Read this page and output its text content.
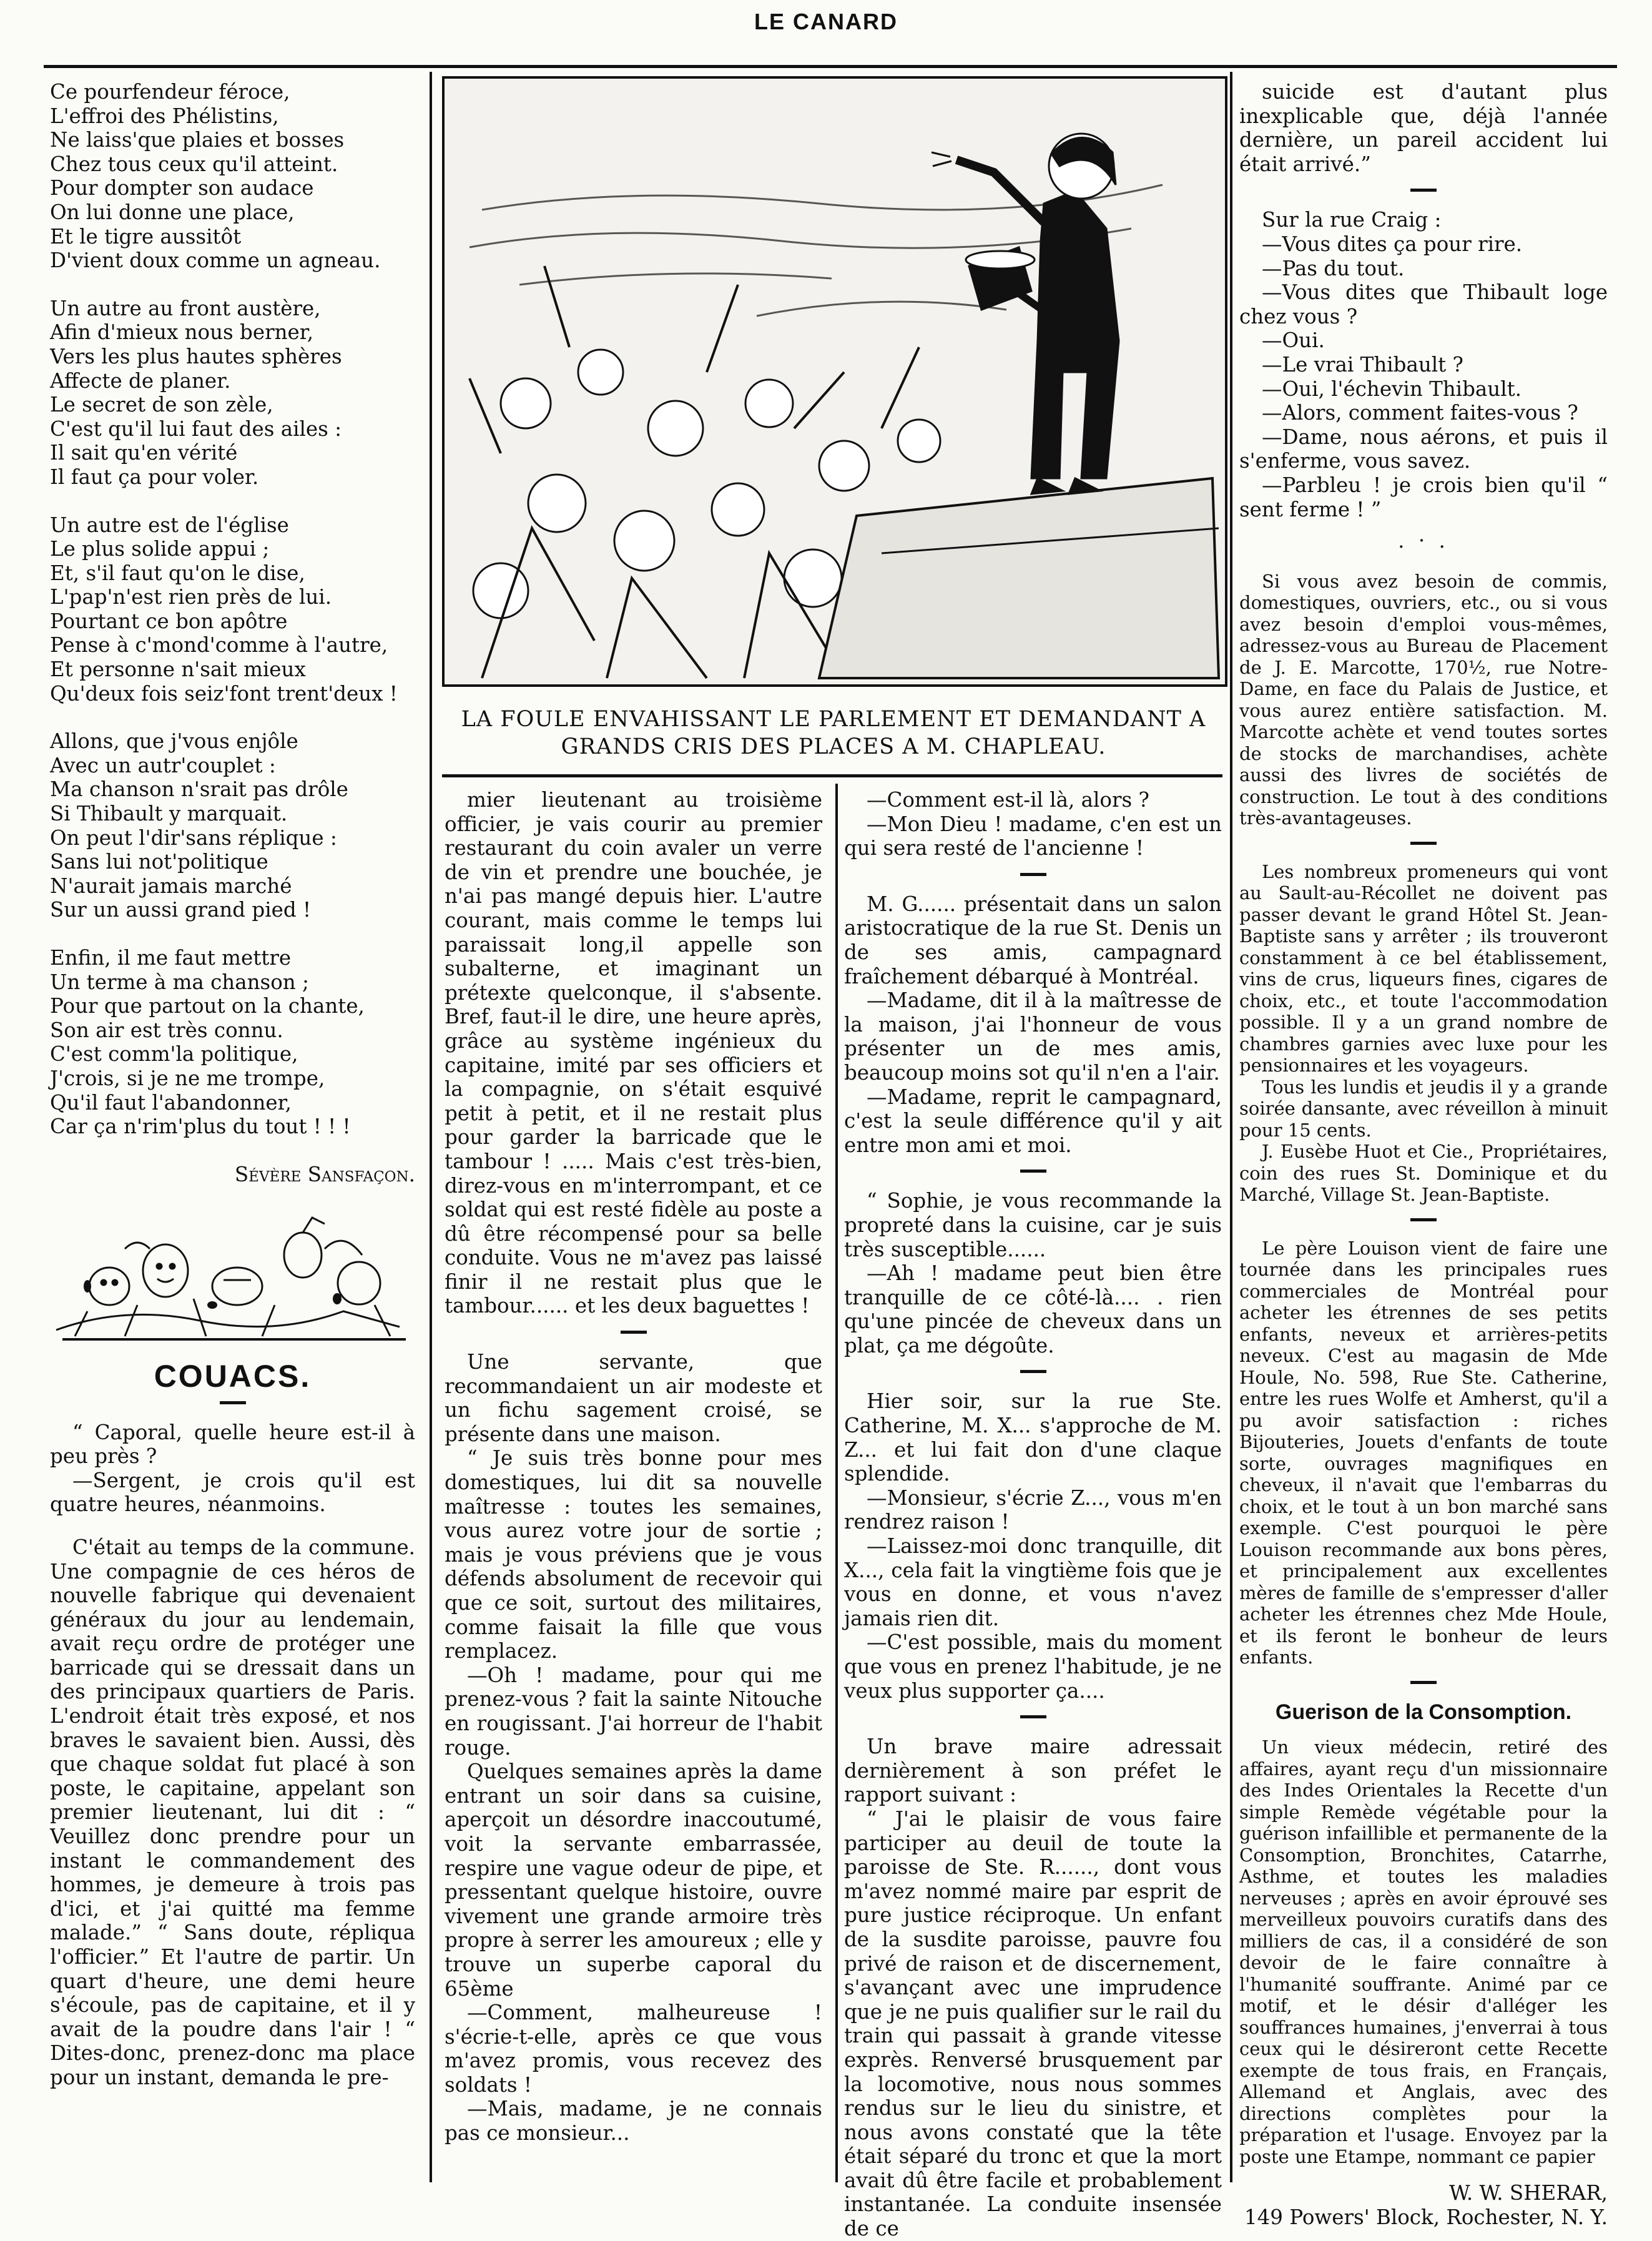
LE CANARD
Ce pourfendeur féroce,
L'effroi des Phélistins,
Ne laiss'que plaies et bosses
Chez tous ceux qu'il atteint.
Pour dompter son audace
On lui donne une place,
Et le tigre aussitôt
D'vient doux comme un agneau.
Un autre au front austère,
Afin d'mieux nous berner,
Vers les plus hautes sphères
Affecte de planer.
Le secret de son zèle,
C'est qu'il lui faut des ailes :
Il sait qu'en vérité
Il faut ça pour voler.
Un autre est de l'église
Le plus solide appui ;
Et, s'il faut qu'on le dise,
L'pap'n'est rien près de lui.
Pourtant ce bon apôtre
Pense à c'mond'comme à l'autre,
Et personne n'sait mieux
Qu'deux fois seiz'font trent'deux !
Allons, que j'vous enjôle
Avec un autr'couplet :
Ma chanson n'srait pas drôle
Si Thibault y marquait.
On peut l'dir'sans réplique :
Sans lui not'politique
N'aurait jamais marché
Sur un aussi grand pied !
Enfin, il me faut mettre
Un terme à ma chanson ;
Pour que partout on la chante,
Son air est très connu.
C'est comm'la politique,
J'crois, si je ne me trompe,
Qu'il faut l'abandonner,
Car ça n'rim'plus du tout ! ! !
Sévère Sansfaçon.
COUACS.

“ Caporal, quelle heure est-il à peu près ?

—Sergent, je crois qu'il est quatre heures, néanmoins.

C'était au temps de la commune. Une compagnie de ces héros de nouvelle fabrique qui devenaient généraux du jour au lendemain, avait reçu ordre de protéger une barricade qui se dressait dans un des principaux quartiers de Paris. L'endroit était très exposé, et nos braves le savaient bien. Aussi, dès que chaque soldat fut placé à son poste, le capitaine, appelant son premier lieutenant, lui dit : “ Veuillez donc prendre pour un instant le commandement des hommes, je demeure à trois pas d'ici, et j'ai quitté ma femme malade.” “ Sans doute, répliqua l'officier.” Et l'autre de partir. Un quart d'heure, une demi heure s'écoule, pas de capitaine, et il y avait de la poudre dans l'air ! “ Dites-donc, prenez-donc ma place pour un instant, demanda le pre-

LA FOULE ENVAHISSANT LE PARLEMENT ET DEMANDANT A GRANDS CRIS DES PLACES A M. CHAPLEAU.

mier lieutenant au troisième officier, je vais courir au premier restaurant du coin avaler un verre de vin et prendre une bouchée, je n'ai pas mangé depuis hier. L'autre courant, mais comme le temps lui paraissait long,il appelle son subalterne, et imaginant un prétexte quelconque, il s'absente. Bref, faut-il le dire, une heure après, grâce au système ingénieux du capitaine, imité par ses officiers et la compagnie, on s'était esquivé petit à petit, et il ne restait plus pour garder la barricade que le tambour ! ..... Mais c'est très-bien, direz-vous en m'interrompant, et ce soldat qui est resté fidèle au poste a dû être récompensé pour sa belle conduite. Vous ne m'avez pas laissé finir il ne restait plus que le tambour...... et les deux baguettes !

Une servante, que recommandaient un air modeste et un fichu sagement croisé, se présente dans une maison.

“ Je suis très bonne pour mes domestiques, lui dit sa nouvelle maîtresse : toutes les semaines, vous aurez votre jour de sortie ; mais je vous préviens que je vous défends absolument de recevoir qui que ce soit, surtout des militaires, comme faisait la fille que vous remplacez.

—Oh ! madame, pour qui me prenez-vous ? fait la sainte Nitouche en rougissant. J'ai horreur de l'habit rouge.

Quelques semaines après la dame entrant un soir dans sa cuisine, aperçoit un désordre inaccoutumé, voit la servante embarrassée, respire une vague odeur de pipe, et pressentant quelque histoire, ouvre vivement une grande armoire très propre à serrer les amoureux ; elle y trouve un superbe caporal du 65ème

—Comment, malheureuse ! s'écrie-t-elle, après ce que vous m'avez promis, vous recevez des soldats !

—Mais, madame, je ne connais pas ce monsieur...

—Comment est-il là, alors ?

—Mon Dieu ! madame, c'en est un qui sera resté de l'ancienne !

M. G...... présentait dans un salon aristocratique de la rue St. Denis un de ses amis, campagnard fraîchement débarqué à Montréal.

—Madame, dit il à la maîtresse de la maison, j'ai l'honneur de vous présenter un de mes amis, beaucoup moins sot qu'il n'en a l'air.

—Madame, reprit le campagnard, c'est la seule différence qu'il y ait entre mon ami et moi.

“ Sophie, je vous recommande la propreté dans la cuisine, car je suis très susceptible......

—Ah ! madame peut bien être tranquille de ce côté-là.... . rien qu'une pincée de cheveux dans un plat, ça me dégoûte.

Hier soir, sur la rue Ste. Catherine, M. X... s'approche de M. Z... et lui fait don d'une claque splendide.

—Monsieur, s'écrie Z..., vous m'en rendrez raison !

—Laissez-moi donc tranquille, dit X..., cela fait la vingtième fois que je vous en donne, et vous n'avez jamais rien dit.

—C'est possible, mais du moment que vous en prenez l'habitude, je ne veux plus supporter ça....

Un brave maire adressait dernièrement à son préfet le rapport suivant :

“ J'ai le plaisir de vous faire participer au deuil de toute la paroisse de Ste. R......, dont vous m'avez nommé maire par esprit de pure justice réciproque. Un enfant de la susdite paroisse, pauvre fou privé de raison et de discernement, s'avançant avec une imprudence que je ne puis qualifier sur le rail du train qui passait à grande vitesse exprès. Renversé brusquement par la locomotive, nous nous sommes rendus sur le lieu du sinistre, et nous avons constaté que la tête était séparé du tronc et que la mort avait dû être facile et probablement instantanée. La conduite insensée de ce

suicide est d'autant plus inexplicable que, déjà l'année dernière, un pareil accident lui était arrivé.”

Sur la rue Craig :

—Vous dites ça pour rire.

—Pas du tout.

—Vous dites que Thibault loge chez vous ?

—Oui.

—Le vrai Thibault ?

—Oui, l'échevin Thibault.

—Alors, comment faites-vous ?

—Dame, nous aérons, et puis il s'enferme, vous savez.

—Parbleu ! je crois bien qu'il “ sent ferme ! ”

. · .

Si vous avez besoin de commis, domestiques, ouvriers, etc., ou si vous avez besoin d'emploi vous-mêmes, adressez-vous au Bureau de Placement de J. E. Marcotte, 170½, rue Notre-Dame, en face du Palais de Justice, et vous aurez entière satisfaction. M. Marcotte achète et vend toutes sortes de stocks de marchandises, achète aussi des livres de sociétés de construction. Le tout à des conditions très-avantageuses.

Les nombreux promeneurs qui vont au Sault-au-Récollet ne doivent pas passer devant le grand Hôtel St. Jean-Baptiste sans y arrêter ; ils trouveront constamment à ce bel établissement, vins de crus, liqueurs fines, cigares de choix, etc., et toute l'accommodation possible. Il y a un grand nombre de chambres garnies avec luxe pour les pensionnaires et les voyageurs.

Tous les lundis et jeudis il y a grande soirée dansante, avec réveillon à minuit pour 15 cents.

J. Eusèbe Huot et Cie., Propriétaires, coin des rues St. Dominique et du Marché, Village St. Jean-Baptiste.

Le père Louison vient de faire une tournée dans les principales rues commerciales de Montréal pour acheter les étrennes de ses petits enfants, neveux et arrières-petits neveux. C'est au magasin de Mde Houle, No. 598, Rue Ste. Catherine, entre les rues Wolfe et Amherst, qu'il a pu avoir satisfaction : riches Bijouteries, Jouets d'enfants de toute sorte, ouvrages magnifiques en cheveux, il n'avait que l'embarras du choix, et le tout à un bon marché sans exemple. C'est pourquoi le père Louison recommande aux bons pères, et principalement aux excellentes mères de famille de s'empresser d'aller acheter les étrennes chez Mde Houle, et ils feront le bonheur de leurs enfants.

Guerison de la Consomption.

Un vieux médecin, retiré des affaires, ayant reçu d'un missionnaire des Indes Orientales la Recette d'un simple Remède végétable pour la guérison infaillible et permanente de la Consomption, Bronchites, Catarrhe, Asthme, et toutes les maladies nerveuses ; après en avoir éprouvé ses merveilleux pouvoirs curatifs dans des milliers de cas, il a considéré de son devoir de le faire connaître à l'humanité souffrante. Animé par ce motif, et le désir d'alléger les souffrances humaines, j'enverrai à tous ceux qui le désireront cette Recette exempte de tous frais, en Français, Allemand et Anglais, avec des directions complètes pour la préparation et l'usage. Envoyez par la poste une Etampe, nommant ce papier

W. W. SHERAR,
149 Powers' Block, Rochester, N. Y.
